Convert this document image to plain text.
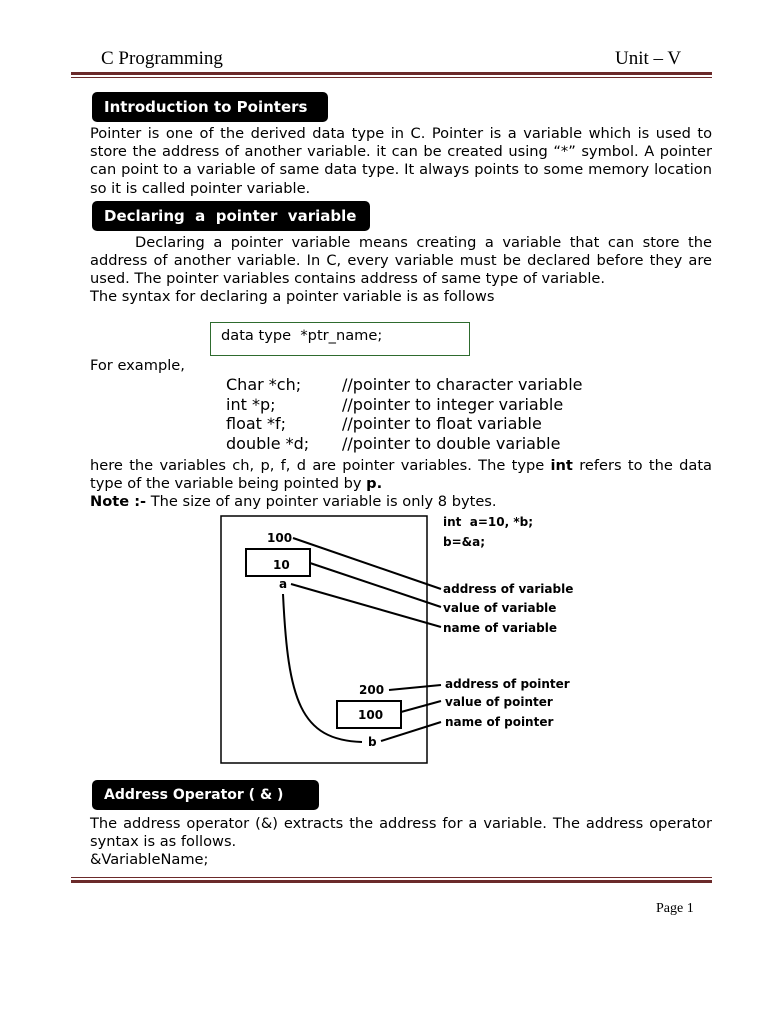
C Programming	Unit – V
Introduction to Pointers

Pointer is one of the derived data type in C. Pointer is a variable which is used to store the address of another variable. it can be created using “*” symbol. A pointer can point to a variable of same data type. It always points to some memory location so it is called pointer variable.

Declaring  a  pointer  variable

Declaring a pointer variable means creating a variable that can store the address of another variable. In C, every variable must be declared before they are used. The pointer variables contains address of same type of variable.

The syntax for declaring a pointer variable is as follows

data type  *ptr_name;

For example,

Char *ch;	//pointer to character variable
int *p;	//pointer to integer variable
float *f;	//pointer to float variable
double *d; //pointer to double variable

here the variables ch, p, f, d are pointer variables. The type int refers to the data type of the variable being pointed by p.

Note :- The size of any pointer variable is only 8 bytes.

int  a=10, *b;
b=&a;
100
10
a
200
100
b
address of variable
value of variable
name of variable
address of pointer
value of pointer
name of pointer
Address Operator ( & )

The address operator (&) extracts the address for a variable. The address operator syntax is as follows.

&VariableName;

Page 1
